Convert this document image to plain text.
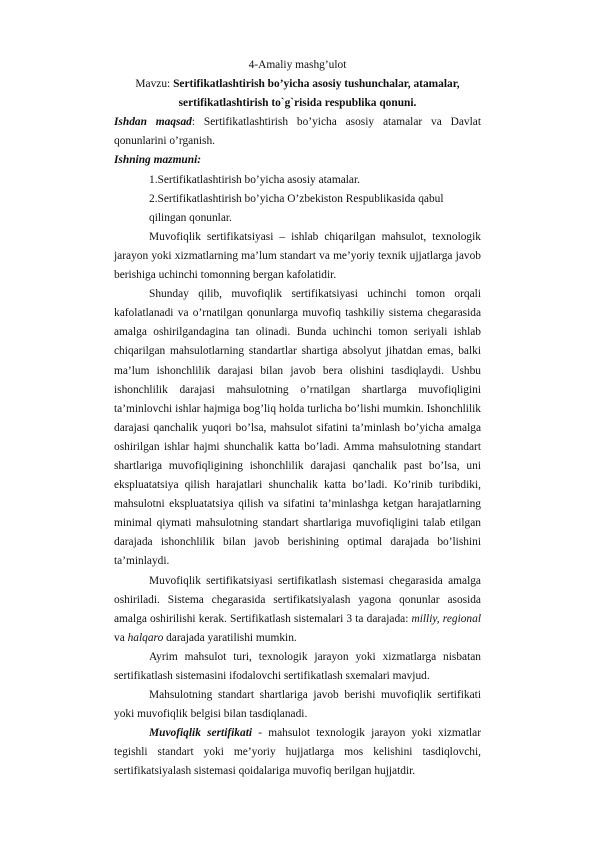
4-Amaliy mashg’ulot

Mavzu: Sertifikatlashtirish bo’yicha asosiy tushunchalar, atamalar,

sertifikatlashtirish to`g`risida respublika qonuni.

Ishdan maqsad: Sertifikatlashtirish bo’yicha asosiy atamalar va Davlat qonunlarini o’rganish.

Ishning mazmuni:

1.Sertifikatlashtirish bo’yicha asosiy atamalar.

2.Sertifikatlashtirish bo’yicha O’zbekiston Respublikasida qabul qilingan qonunlar.

Muvofiqlik sertifikatsiyasi – ishlab chiqarilgan mahsulot, texnologik jarayon yoki xizmatlarning ma’lum standart va me’yoriy texnik ujjatlarga javob berishiga uchinchi tomonning bergan kafolatidir.

Shunday qilib, muvofiqlik sertifikatsiyasi uchinchi tomon orqali kafolatlanadi va o’rnatilgan qonunlarga muvofiq tashkiliy sistema chegarasida amalga oshirilgandagina tan olinadi. Bunda uchinchi tomon seriyali ishlab chiqarilgan mahsulotlarning standartlar shartiga absolyut jihatdan emas, balki ma’lum ishonchlilik darajasi bilan javob bera olishini tasdiqlaydi. Ushbu ishonchlilik darajasi mahsulotning o’rnatilgan shartlarga muvofiqligini ta’minlovchi ishlar hajmiga bog’liq holda turlicha bo’lishi mumkin. Ishonchlilik darajasi qanchalik yuqori bo’lsa, mahsulot sifatini ta’minlash bo’yicha amalga oshirilgan ishlar hajmi shunchalik katta bo’ladi. Amma mahsulotning standart shartlariga muvofiqligining ishonchlilik darajasi qanchalik past bo’lsa, uni ekspluatatsiya qilish harajatlari shunchalik katta bo’ladi. Ko’rinib turibdiki, mahsulotni ekspluatatsiya qilish va sifatini ta’minlashga ketgan harajatlarning minimal qiymati mahsulotning standart shartlariga muvofiqligini talab etilgan darajada ishonchlilik bilan javob berishining optimal darajada bo’lishini ta’minlaydi.

Muvofiqlik sertifikatsiyasi sertifikatlash sistemasi chegarasida amalga oshiriladi. Sistema chegarasida sertifikatsiyalash yagona qonunlar asosida amalga oshirilishi kerak. Sertifikatlash sistemalari 3 ta darajada: milliy, regional va halqaro darajada yaratilishi mumkin.

Ayrim mahsulot turi, texnologik jarayon yoki xizmatlarga nisbatan sertifikatlash sistemasini ifodalovchi sertifikatlash sxemalari mavjud.

Mahsulotning standart shartlariga javob berishi muvofiqlik sertifikati yoki muvofiqlik belgisi bilan tasdiqlanadi.

Muvofiqlik sertifikati - mahsulot texnologik jarayon yoki xizmatlar tegishli standart yoki me’yoriy hujjatlarga mos kelishini tasdiqlovchi, sertifikatsiyalash sistemasi qoidalariga muvofiq berilgan hujjatdir.
